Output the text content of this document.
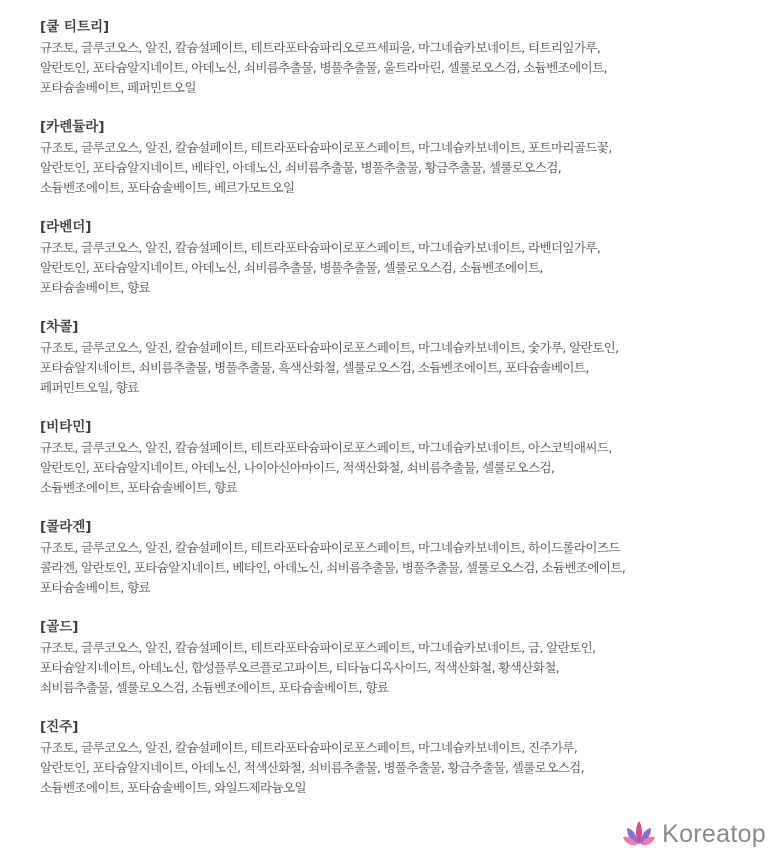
[쿨 티트리]
규조토, 글루코오스, 알진, 칼슘설페이트, 테트라포타슘파리오로프세피을, 마그네슘카보네이트, 티트리잎가루,
알란토인, 포타슘알지네이트, 아데노신, 쇠비름추출물, 병풀추출물, 울트라마린, 셀룰로오스검, 소듐벤조에이트,
포타슘솔베이트, 페퍼민트오일
[카렌듈라]
규조토, 글루코오스, 알진, 칼슘설페이트, 테트라포타슘파이로포스페이트, 마그네슘카보네이트, 포트마리골드꽃,
알란토인, 포타슘알지네이트, 베타인, 아데노신, 쇠비름추출물, 병풀추출물, 황금추출물, 셀룰로오스검,
소듐벤조에이트, 포타슘솔베이트, 베르가모트오일
[라벤더]
규조토, 글루코오스, 알진, 칼슘설페이트, 테트라포타슘파이로포스페이트, 마그네슘카보네이트, 라벤더잎가루,
알란토인, 포타슘알지네이트, 아데노신, 쇠비름추출물, 병풀추출물, 셀룰로오스검, 소듐벤조에이트,
포타슘솔베이트, 향료
[차콜]
규조토, 글루코오스, 알진, 칼슘설페이트, 테트라포타슘파이로포스페이트, 마그네슘카보네이트, 숯가루, 알란토인,
포타슘알지네이트, 쇠비름추출물, 병풀추출물, 흑색산화철, 셀룰로오스검, 소듐벤조에이트, 포타슘솔베이트,
페퍼민트오일, 향료
[비타민]
규조토, 글루코오스, 알진, 칼슘설페이트, 테트라포타슘파이로포스페이트, 마그네슘카보네이트, 아스코빅애씨드,
알란토인, 포타슘알지네이트, 아데노신, 나이아신아마이드, 적색산화철, 쇠비름추출물, 셀룰로오스검,
소듐벤조에이트, 포타슘솔베이트, 향료
[콜라겐]
규조토, 글루코오스, 알진, 칼슘설페이트, 테트라포타슘파이로포스페이트, 마그네슘카보네이트, 하이드롤라이즈드
콜라겐, 알란토인, 포타슘알지네이트, 베타인, 아데노신, 쇠비름추출물, 병풀추출물, 셀룰로오스검, 소듐벤조에이트,
포타슘솔베이트, 향료
[골드]
규조토, 글루코오스, 알진, 칼슘설페이트, 테트라포타슘파이로포스페이트, 마그네슘카보네이트, 금, 알란토인,
포타슘알지네이트, 아데노신, 합성플루오르플로고파이트, 티타늄디옥사이드, 적색산화철, 황색산화철,
쇠비름추출물, 셀룰로오스검, 소듐벤조에이트, 포타슘솔베이트, 향료
[진주]
규조토, 글루코오스, 알진, 칼슘설페이트, 테트라포타슘파이로포스페이트, 마그네슘카보네이트, 진주가루,
알란토인, 포타슘알지네이트, 아데노신, 적색산화철, 쇠비름추출물, 병풀추출물, 황금추출물, 셀룰로오스검,
소듐벤조에이트, 포타슘솔베이트, 와일드제라늄오일
Koreatop
